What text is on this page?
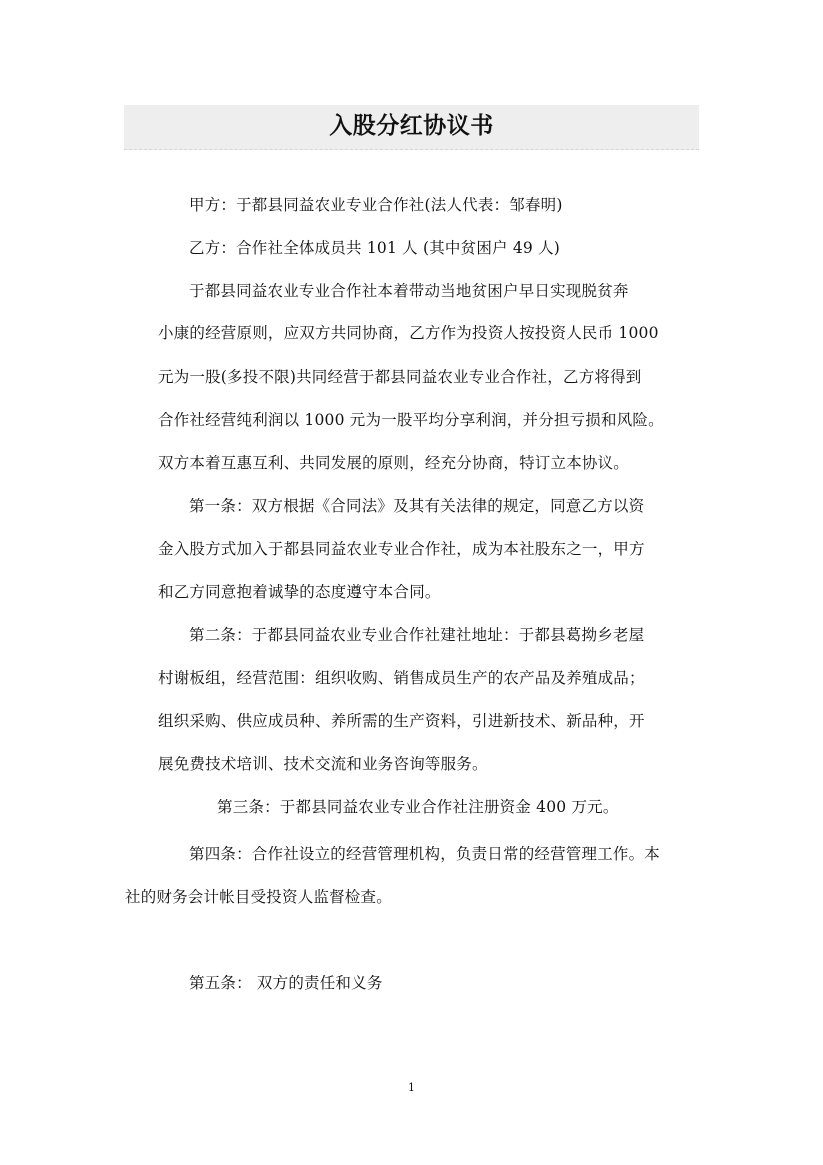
入股分红协议书
甲方：于都县同益农业专业合作社(法人代表：邹春明)
乙方：合作社全体成员共 101 人 (其中贫困户 49 人)
于都县同益农业专业合作社本着带动当地贫困户早日实现脱贫奔
小康的经营原则，应双方共同协商，乙方作为投资人按投资人民币 1000
元为一股(多投不限)共同经营于都县同益农业专业合作社，乙方将得到
合作社经营纯利润以 1000 元为一股平均分享利润，并分担亏损和风险。
双方本着互惠互利、共同发展的原则，经充分协商，特订立本协议。
第一条：双方根据《合同法》及其有关法律的规定，同意乙方以资
金入股方式加入于都县同益农业专业合作社，成为本社股东之一，甲方
和乙方同意抱着诚挚的态度遵守本合同。
第二条：于都县同益农业专业合作社建社地址：于都县葛拗乡老屋
村谢板组，经营范围：组织收购、销售成员生产的农产品及养殖成品；
组织采购、供应成员种、养所需的生产资料，引进新技术、新品种，开
展免费技术培训、技术交流和业务咨询等服务。
第三条：于都县同益农业专业合作社注册资金 400 万元。
第四条：合作社设立的经营管理机构，负责日常的经营管理工作。本
社的财务会计帐目受投资人监督检查。
第五条： 双方的责任和义务
1
